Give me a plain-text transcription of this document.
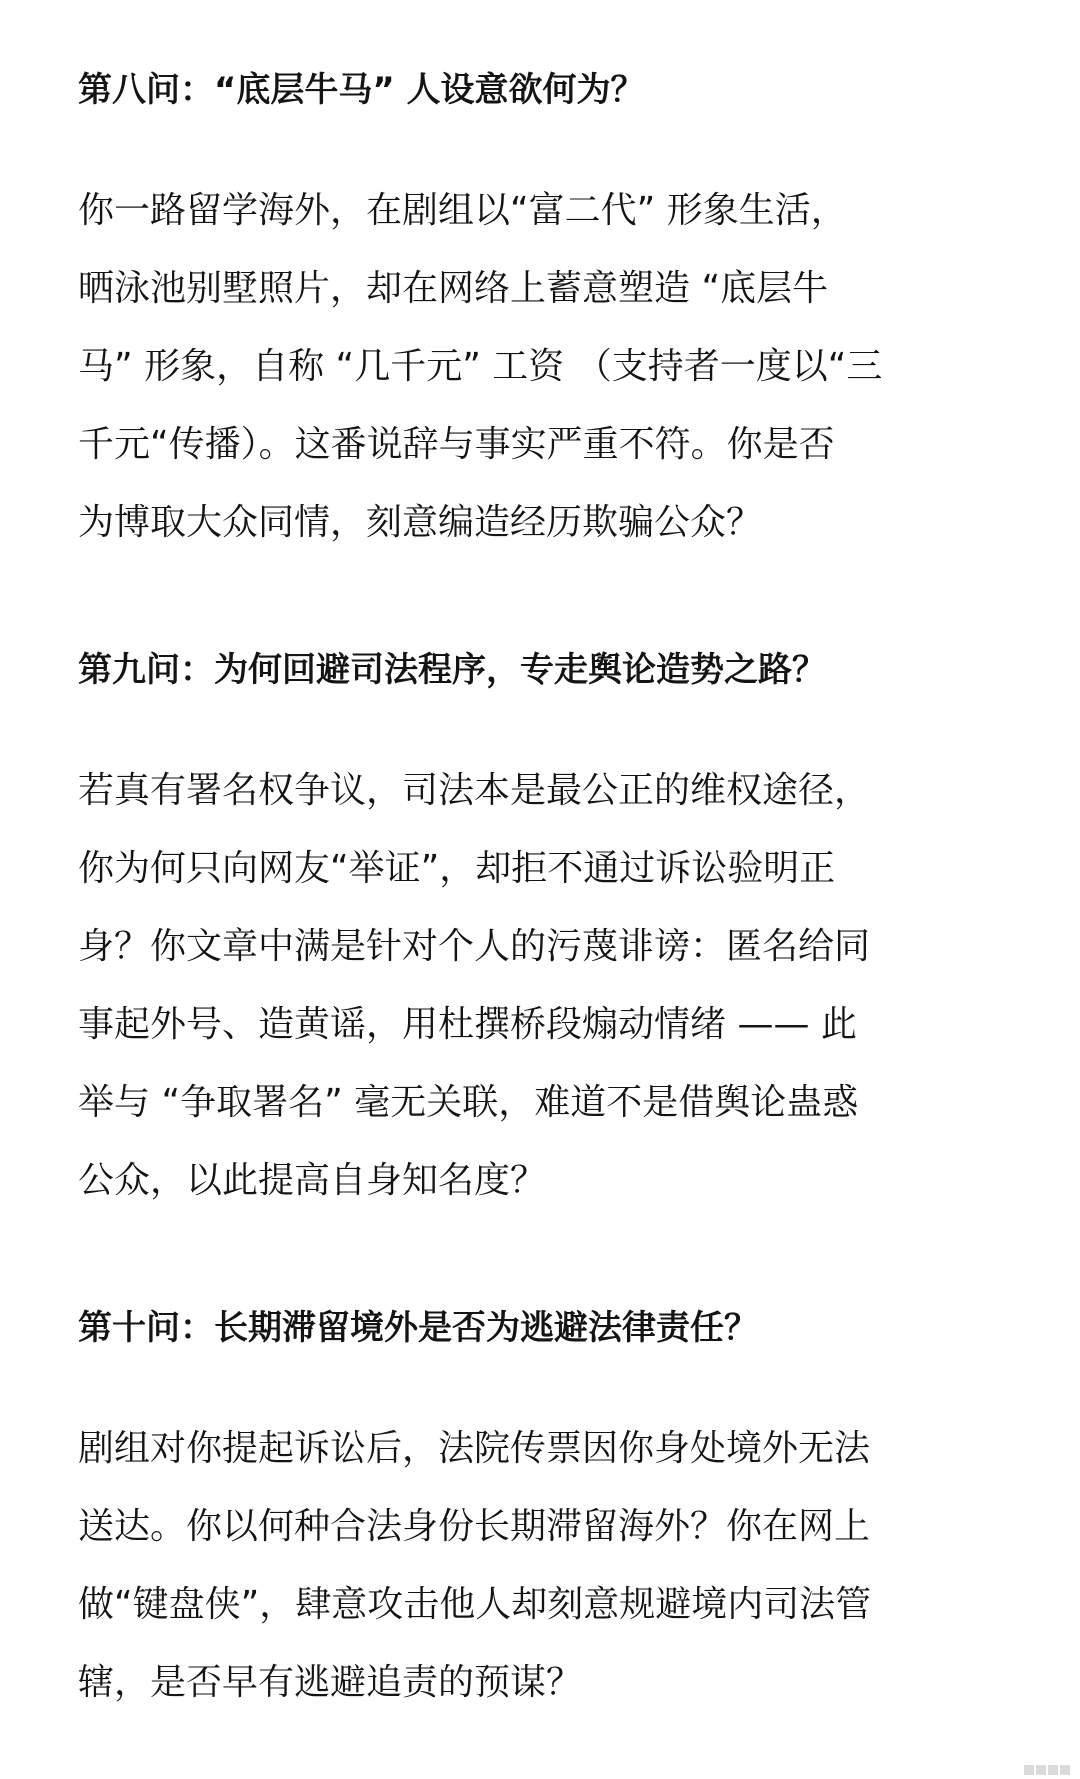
第八问：“底层牛马” 人设意欲何为？

你一路留学海外，在剧组以“富二代” 形象生活，
晒泳池别墅照片，却在网络上蓄意塑造 “底层牛
马” 形象，自称 “几千元” 工资 （支持者一度以“三
千元“传播）。这番说辞与事实严重不符。你是否
为博取大众同情，刻意编造经历欺骗公众？

第九问：为何回避司法程序，专走舆论造势之路？

若真有署名权争议，司法本是最公正的维权途径，
你为何只向网友“举证”，却拒不通过诉讼验明正
身？你文章中满是针对个人的污蔑诽谤：匿名给同
事起外号、造黄谣，用杜撰桥段煽动情绪 —— 此
举与 “争取署名” 毫无关联，难道不是借舆论蛊惑
公众，以此提高自身知名度？

第十问：长期滞留境外是否为逃避法律责任？

剧组对你提起诉讼后，法院传票因你身处境外无法
送达。你以何种合法身份长期滞留海外？你在网上
做“键盘侠”，肆意攻击他人却刻意规避境内司法管
辖，是否早有逃避追责的预谋？
